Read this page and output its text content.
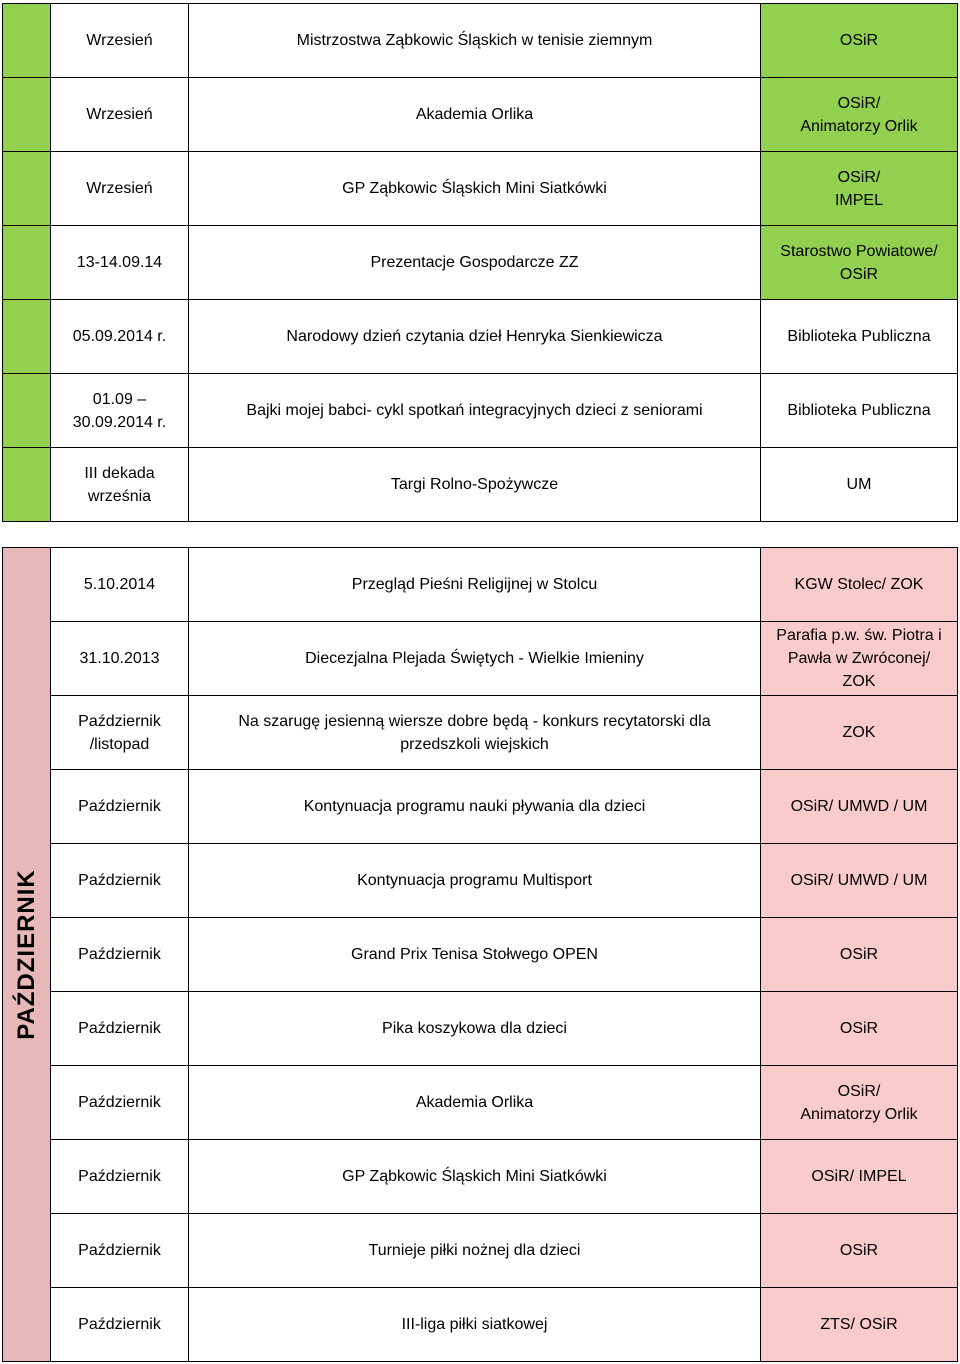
	Wrzesień	Mistrzostwa Ząbkowic Śląskich w tenisie ziemnym	OSiR
	Wrzesień	Akademia Orlika	OSiR/
Animatorzy Orlik
	Wrzesień	GP Ząbkowic Śląskich Mini Siatkówki	OSiR/
IMPEL
	13-14.09.14	Prezentacje Gospodarcze ZZ	Starostwo Powiatowe/
OSiR
	05.09.2014 r.	Narodowy dzień czytania dzieł Henryka Sienkiewicza	Biblioteka Publiczna
	01.09 –
30.09.2014 r.	Bajki mojej babci- cykl spotkań integracyjnych dzieci z seniorami	Biblioteka Publiczna
	III dekada
września	Targi Rolno-Spożywcze	UM
PAŹDZIERNIK	5.10.2014	Przegląd Pieśni Religijnej w Stolcu	KGW Stolec/ ZOK
	31.10.2013	Diecezjalna Plejada Świętych - Wielkie Imieniny	Parafia p.w. św. Piotra i
Pawła w Zwróconej/
ZOK
	Październik
/listopad	Na szarugę jesienną wiersze dobre będą - konkurs recytatorski dla
przedszkoli wiejskich	ZOK
	Październik	Kontynuacja programu nauki pływania dla dzieci	OSiR/ UMWD / UM
	Październik	Kontynuacja programu Multisport	OSiR/ UMWD / UM
	Październik	Grand Prix Tenisa Stołwego OPEN	OSiR
	Październik	Pika koszykowa dla dzieci	OSiR
	Październik	Akademia Orlika	OSiR/
Animatorzy Orlik
	Październik	GP Ząbkowic Śląskich Mini Siatkówki	OSiR/ IMPEL
	Październik	Turnieje piłki nożnej dla dzieci	OSiR
	Październik	III-liga piłki siatkowej	ZTS/ OSiR
